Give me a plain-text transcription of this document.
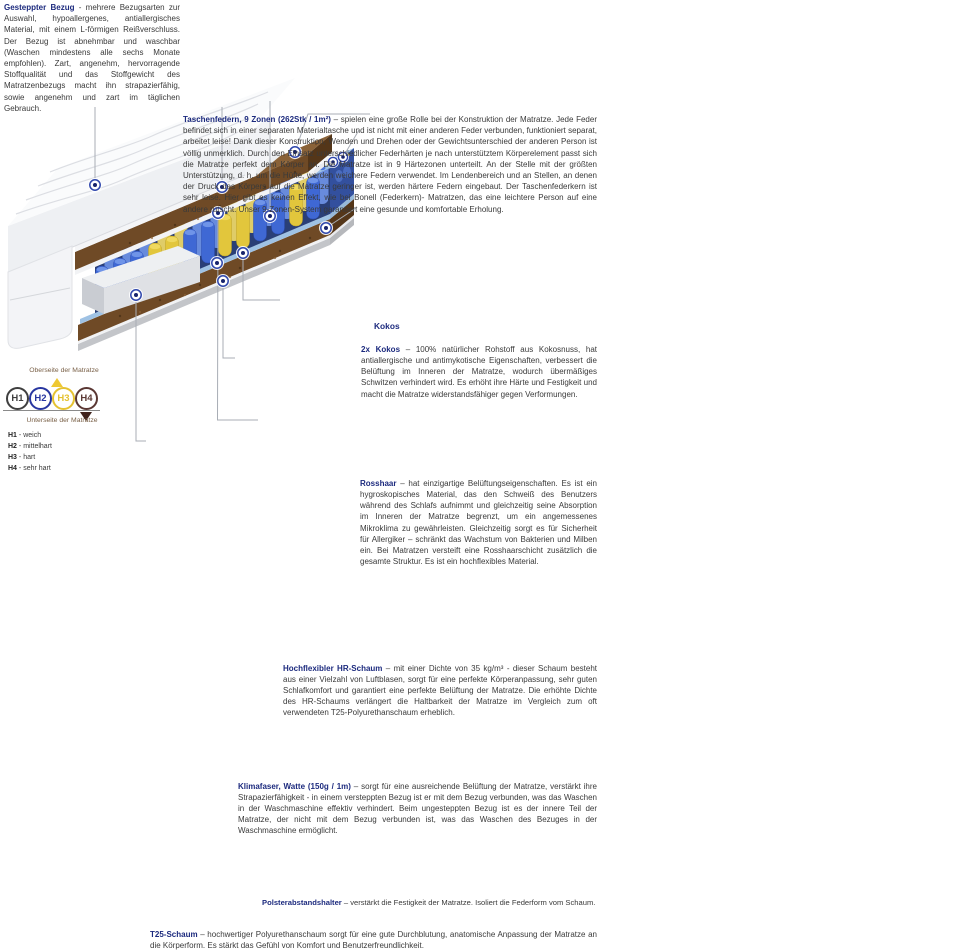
Gesteppter Bezug - mehrere Bezugsarten zur Auswahl, hypoallergenes, antiallergisches Material, mit einem L-förmigen Reißverschluss. Der Bezug ist abnehmbar und waschbar (Waschen mindestens alle sechs Monate empfohlen). Zart, angenehm, hervorragende Stoffqualität und das Stoffgewicht des Matratzenbezugs macht ihn strapazierfähig, sowie angenehm und zart im täglichen Gebrauch.
Taschenfedern, 9 Zonen (262Stk / 1m²) – spielen eine große Rolle bei der Konstruktion der Matratze. Jede Feder befindet sich in einer separaten Materialtasche und ist nicht mit einer anderen Feder verbunden, funktioniert separat, arbeitet leise! Dank dieser Konstruktion, Wenden und Drehen oder der Gewichtsunterschied der anderen Person ist völlig unmerklich. Durch den Einsatz unterschiedlicher Federhärten je nach unterstütztem Körperelement passt sich die Matratze perfekt dem Körper an. Die Matratze ist in 9 Härtezonen unterteilt. An der Stelle mit der größten Unterstützung, d. h. um die Hüfte, werden weichere Federn verwendet. Im Lendenbereich und an Stellen, an denen der Druck des Körpers auf die Matratze geringer ist, werden härtere Federn eingebaut. Der Taschenfederkern ist sehr leise. Hier gibt es keinen Effekt, wie bei Bonell (Federkern)- Matratzen, das eine leichtere Person auf eine andere rutscht. Unser 9-Zonen-System garantiert eine gesunde und komfortable Erholung.
Kokos
2x Kokos – 100% natürlicher Rohstoff aus Kokosnuss, hat antiallergische und antimykotische Eigenschaften, verbessert die Belüftung im Inneren der Matratze, wodurch übermäßiges Schwitzen verhindert wird. Es erhöht ihre Härte und Festigkeit und macht die Matratze widerstandsfähiger gegen Verformungen.
Rosshaar – hat einzigartige Belüftungseigenschaften. Es ist ein hygroskopisches Material, das den Schweiß des Benutzers während des Schlafs aufnimmt und gleichzeitig seine Absorption im Inneren der Matratze begrenzt, um ein angemessenes Mikroklima zu gewährleisten. Gleichzeitig sorgt es für Sicherheit für Allergiker – schränkt das Wachstum von Bakterien und Milben ein. Bei Matratzen versteift eine Rosshaarschicht zusätzlich die gesamte Struktur. Es ist ein hochflexibles Material.
Hochflexibler HR-Schaum – mit einer Dichte von 35 kg/m³ - dieser Schaum besteht aus einer Vielzahl von Luftblasen, sorgt für eine perfekte Körperanpassung, sehr guten Schlafkomfort und garantiert eine perfekte Belüftung der Matratze. Die erhöhte Dichte des HR-Schaums verlängert die Haltbarkeit der Matratze im Vergleich zum oft verwendeten T25-Polyurethanschaum erheblich.
Klimafaser, Watte (150g / 1m) – sorgt für eine ausreichende Belüftung der Matratze, verstärkt ihre Strapazierfähigkeit - in einem versteppten Bezug ist er mit dem Bezug verbunden, was das Waschen in der Waschmaschine effektiv verhindert. Beim ungesteppten Bezug ist es der innere Teil der Matratze, der nicht mit dem Bezug verbunden ist, was das Waschen des Bezuges in der Waschmaschine ermöglicht.
Polsterabstandshalter – verstärkt die Festigkeit der Matratze. Isoliert die Federform vom Schaum.
T25-Schaum – hochwertiger Polyurethanschaum sorgt für eine gute Durchblutung, anatomische Anpassung der Matratze an die Körperform. Es stärkt das Gefühl von Komfort und Benutzerfreundlichkeit.
Oberseite der Matratze
H1	H2	H3	H4
Unterseite der Matratze
H1 - weich
H2 - mittelhart
H3 - hart
H4 - sehr hart
